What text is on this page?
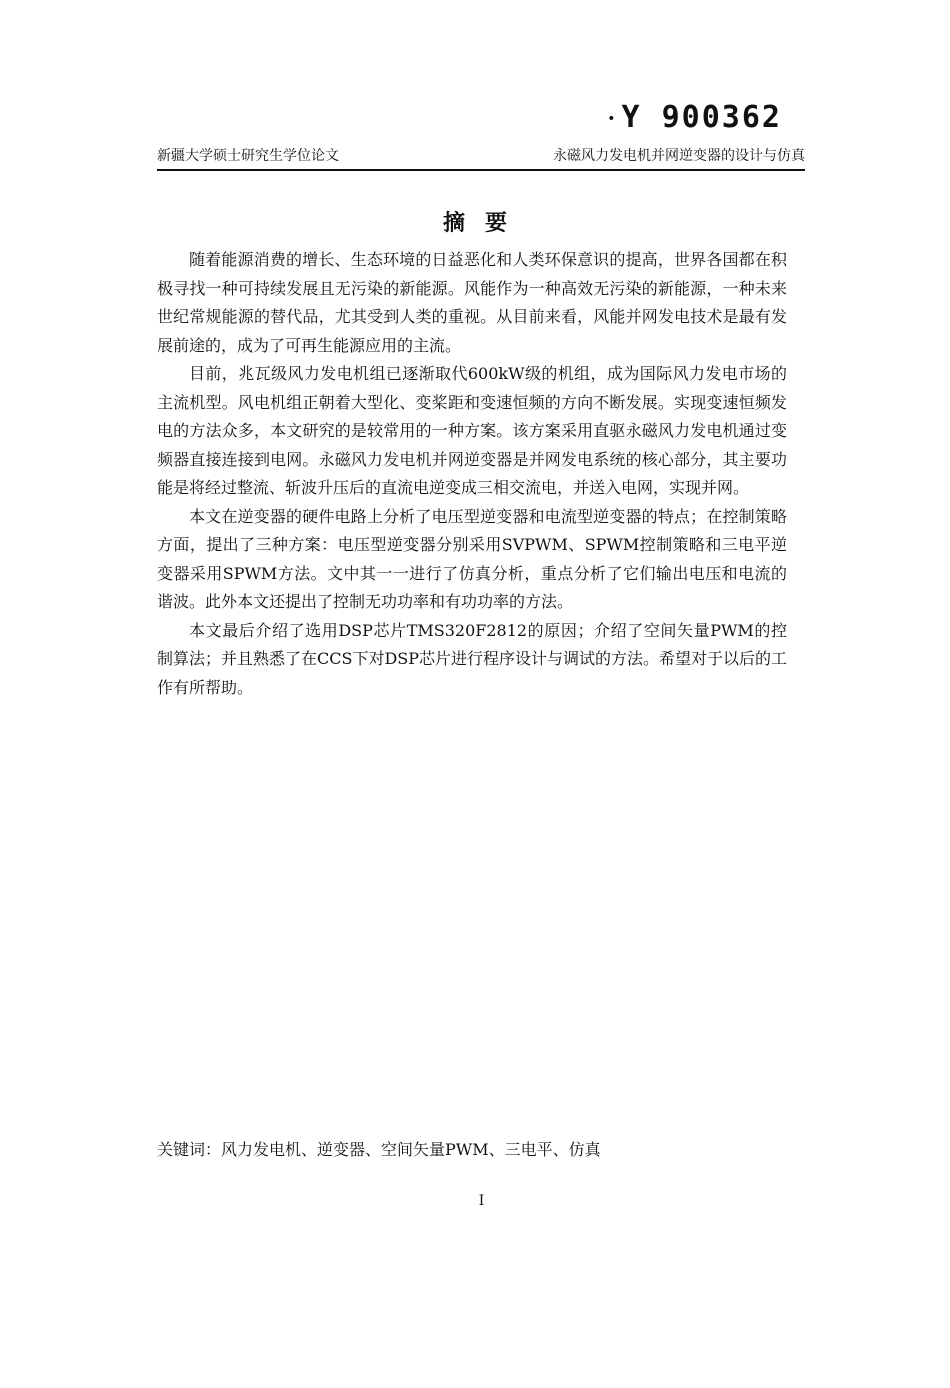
• Y 900362
新疆大学硕士研究生学位论文	永磁风力发电机并网逆变器的设计与仿真
摘要

随着能源消费的增长、生态环境的日益恶化和人类环保意识的提高，世界各国都在积极寻找一种可持续发展且无污染的新能源。风能作为一种高效无污染的新能源，一种未来世纪常规能源的替代品，尤其受到人类的重视。从目前来看，风能并网发电技术是最有发展前途的，成为了可再生能源应用的主流。

目前，兆瓦级风力发电机组已逐渐取代600kW级的机组，成为国际风力发电市场的主流机型。风电机组正朝着大型化、变桨距和变速恒频的方向不断发展。实现变速恒频发电的方法众多，本文研究的是较常用的一种方案。该方案采用直驱永磁风力发电机通过变频器直接连接到电网。永磁风力发电机并网逆变器是并网发电系统的核心部分，其主要功能是将经过整流、斩波升压后的直流电逆变成三相交流电，并送入电网，实现并网。

本文在逆变器的硬件电路上分析了电压型逆变器和电流型逆变器的特点；在控制策略方面，提出了三种方案：电压型逆变器分别采用SVPWM、SPWM控制策略和三电平逆变器采用SPWM方法。文中其一一进行了仿真分析，重点分析了它们输出电压和电流的谐波。此外本文还提出了控制无功功率和有功功率的方法。

本文最后介绍了选用DSP芯片TMS320F2812的原因；介绍了空间矢量PWM的控制算法；并且熟悉了在CCS下对DSP芯片进行程序设计与调试的方法。希望对于以后的工作有所帮助。

关键词：风力发电机、逆变器、空间矢量PWM、三电平、仿真
I
